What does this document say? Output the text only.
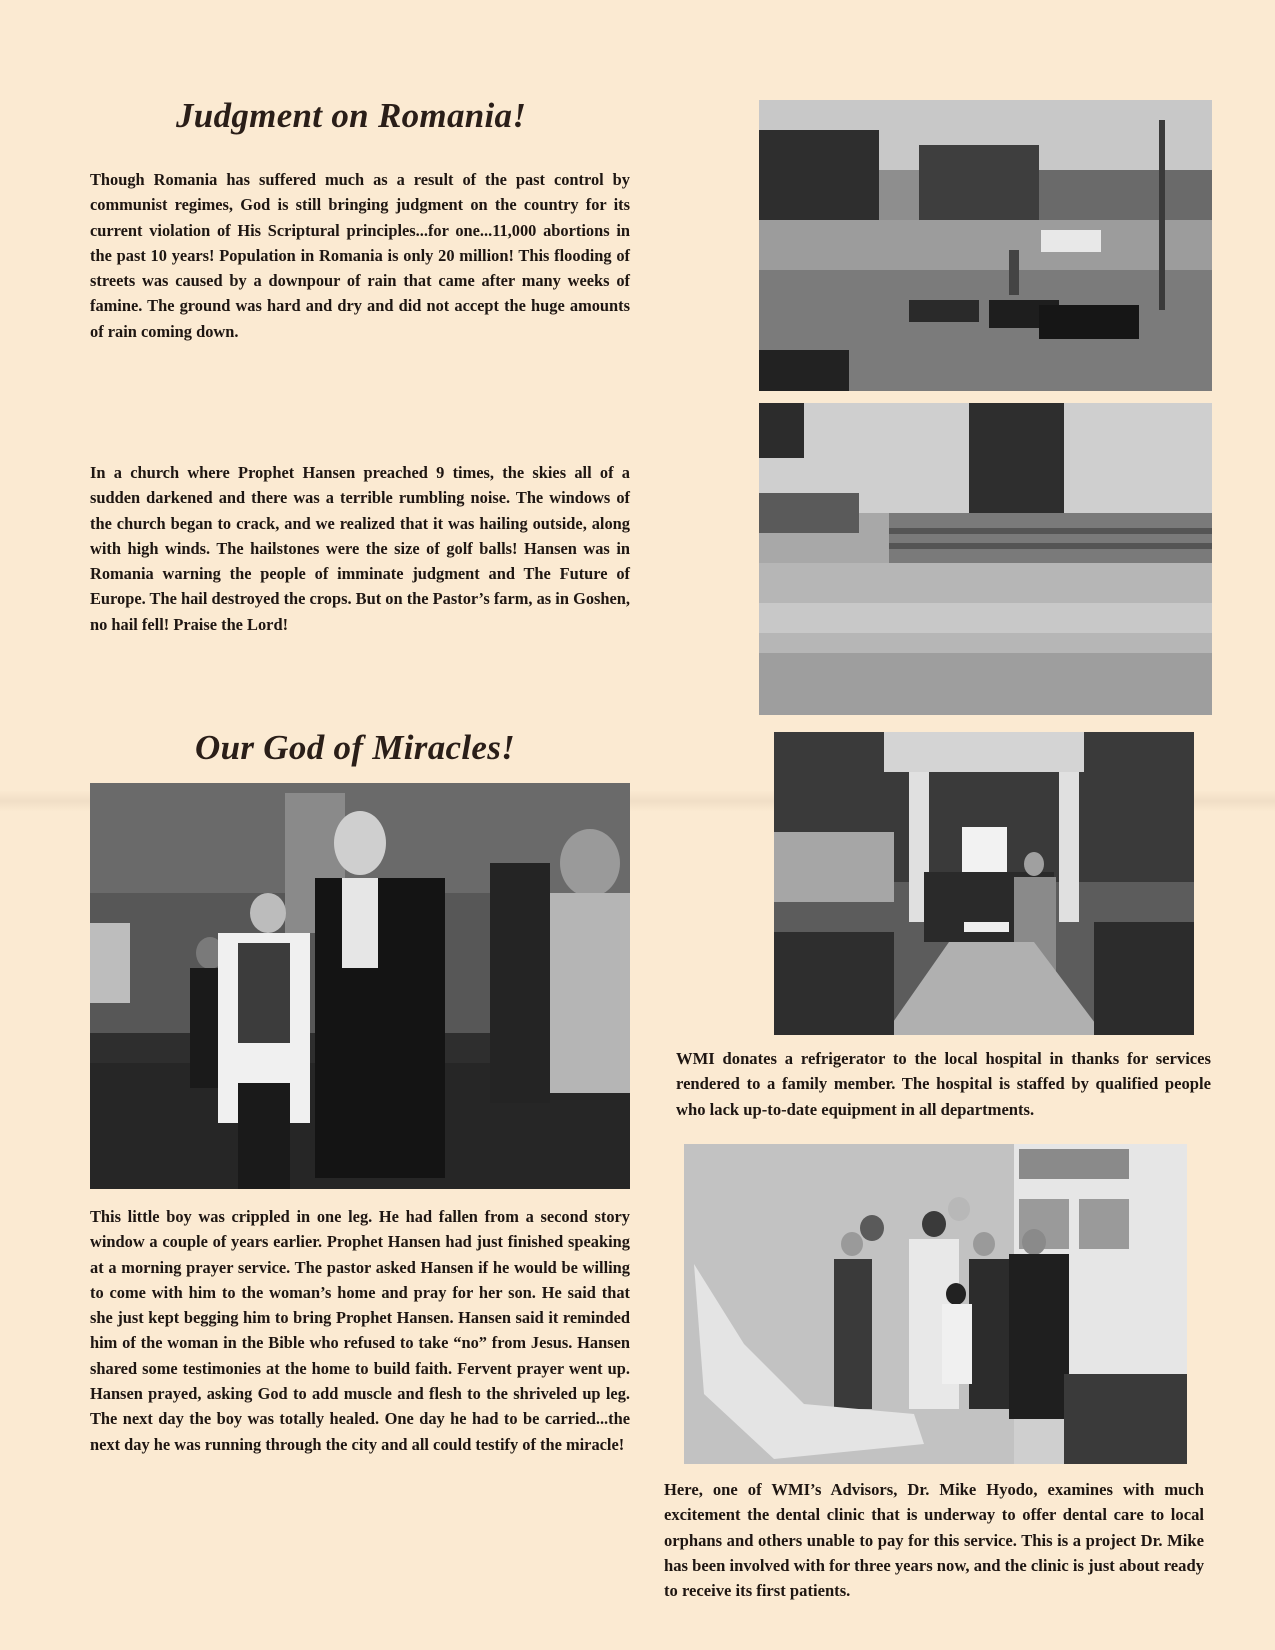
Judgment on Romania!

Though Romania has suffered much as a result of the past control by communist regimes, God is still bringing judgment on the country for its current violation of His Scriptural principles...for one...11,000 abortions in the past 10 years! Population in Romania is only 20 million! This flooding of streets was caused by a downpour of rain that came after many weeks of famine. The ground was hard and dry and did not accept the huge amounts of rain coming down.

In a church where Prophet Hansen preached 9 times, the skies all of a sudden darkened and there was a terrible rumbling noise. The windows of the church began to crack, and we realized that it was hailing outside, along with high winds. The hailstones were the size of golf balls! Hansen was in Romania warning the people of imminate judgment and The Future of Europe. The hail destroyed the crops. But on the Pastor’s farm, as in Goshen, no hail fell! Praise the Lord!

Our God of Miracles!

This little boy was crippled in one leg. He had fallen from a second story window a couple of years earlier. Prophet Hansen had just finished speaking at a morning prayer service. The pastor asked Hansen if he would be willing to come with him to the woman’s home and pray for her son. He said that she just kept begging him to bring Prophet Hansen. Hansen said it reminded him of the woman in the Bible who refused to take “no” from Jesus. Hansen shared some testimonies at the home to build faith. Fervent prayer went up. Hansen prayed, asking God to add muscle and flesh to the shriveled up leg. The next day the boy was totally healed. One day he had to be carried...the next day he was running through the city and all could testify of the miracle!

WMI donates a refrigerator to the local hospital in thanks for services rendered to a family member. The hospital is staffed by qualified people who lack up-to-date equipment in all departments.

Here, one of WMI’s Advisors, Dr. Mike Hyodo, examines with much excitement the dental clinic that is underway to offer dental care to local orphans and others unable to pay for this service. This is a project Dr. Mike has been involved with for three years now, and the clinic is just about ready to receive its first patients.
